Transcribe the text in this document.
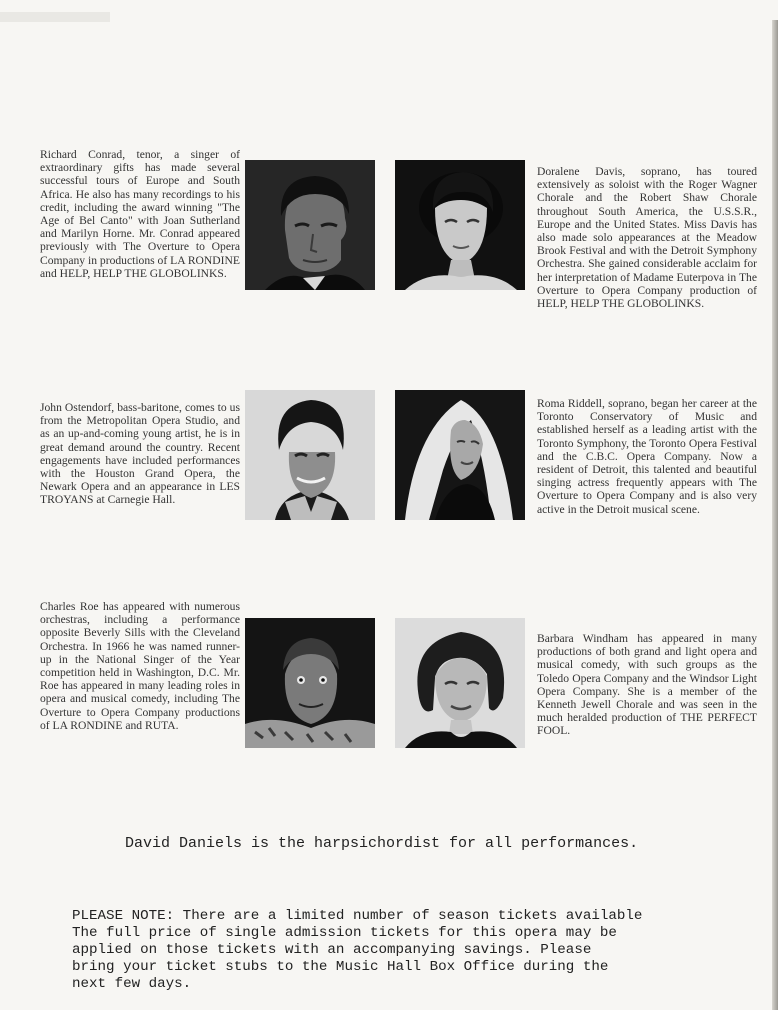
Richard Conrad, tenor, a singer of extraordinary gifts has made several successful tours of Europe and South Africa. He also has many recordings to his credit, including the award winning "The Age of Bel Canto" with Joan Sutherland and Marilyn Horne. Mr. Conrad appeared previously with The Overture to Opera Company in productions of LA RONDINE and HELP, HELP THE GLOBOLINKS.
Doralene Davis, soprano, has toured extensively as soloist with the Roger Wagner Chorale and the Robert Shaw Chorale throughout South America, the U.S.S.R., Europe and the United States. Miss Davis has also made solo appearances at the Meadow Brook Festival and with the Detroit Symphony Orchestra. She gained considerable acclaim for her interpretation of Madame Euterpova in The Overture to Opera Company production of HELP, HELP THE GLOBOLINKS.
John Ostendorf, bass-baritone, comes to us from the Metropolitan Opera Studio, and as an up-and-coming young artist, he is in great demand around the country. Recent engagements have included performances with the Houston Grand Opera, the Newark Opera and an appearance in LES TROYANS at Carnegie Hall.
Roma Riddell, soprano, began her career at the Toronto Conservatory of Music and established herself as a leading artist with the Toronto Symphony, the Toronto Opera Festival and the C.B.C. Opera Company. Now a resident of Detroit, this talented and beautiful singing actress frequently appears with The Overture to Opera Company and is also very active in the Detroit musical scene.
Charles Roe has appeared with numerous orchestras, including a performance opposite Beverly Sills with the Cleveland Orchestra. In 1966 he was named runner-up in the National Singer of the Year competition held in Washington, D.C. Mr. Roe has appeared in many leading roles in opera and musical comedy, including The Overture to Opera Company productions of LA RONDINE and RUTA.
Barbara Windham has appeared in many productions of both grand and light opera and musical comedy, with such groups as the Toledo Opera Company and the Windsor Light Opera Company. She is a member of the Kenneth Jewell Chorale and was seen in the much heralded production of THE PERFECT FOOL.
David Daniels is the harpsichordist for all performances.
PLEASE NOTE: There are a limited number of season tickets available
The full price of single admission tickets for this opera may be
applied on those tickets with an accompanying savings. Please
bring your ticket stubs to the Music Hall Box Office during the
next few days.
